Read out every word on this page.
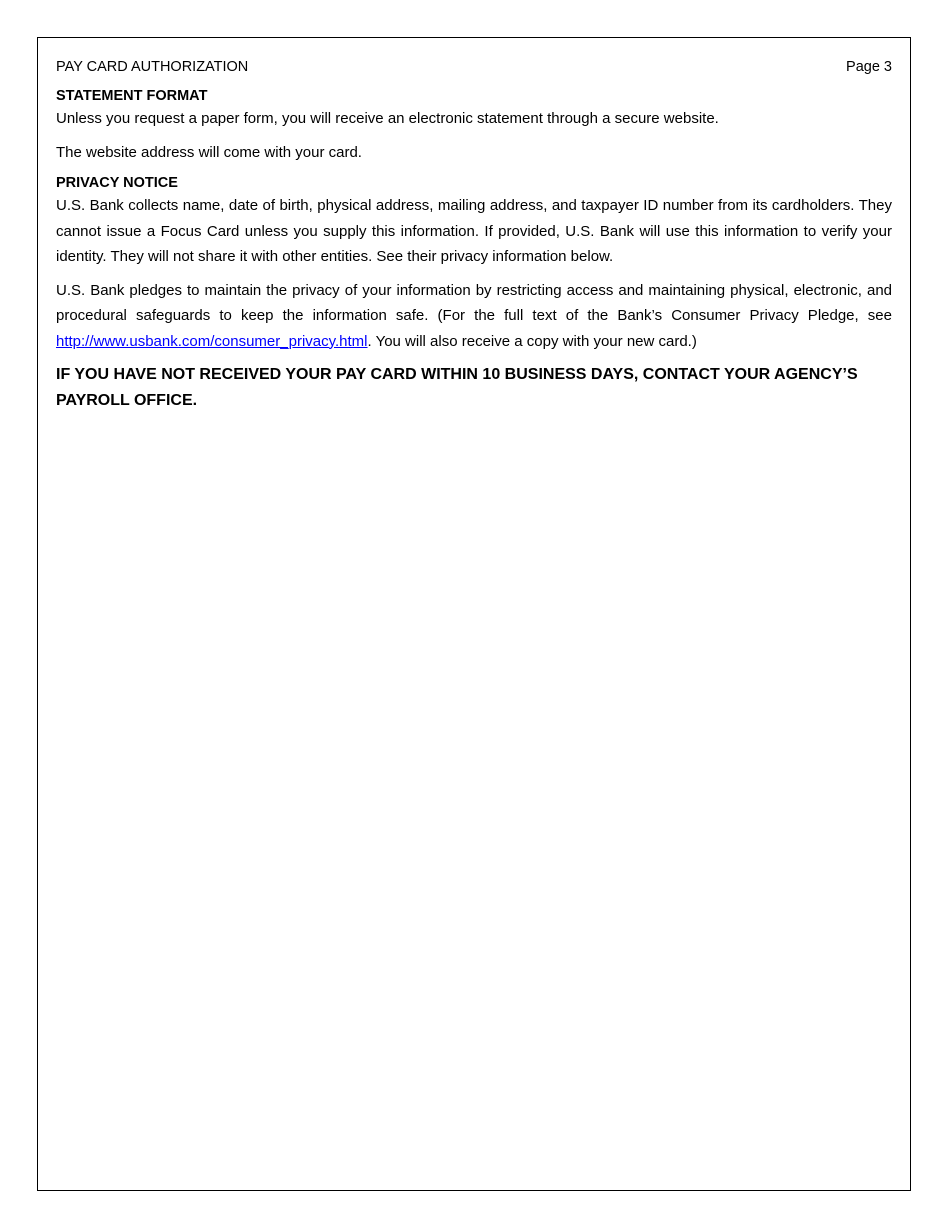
PAY CARD AUTHORIZATION	Page 3
STATEMENT FORMAT

Unless you request a paper form, you will receive an electronic statement through a secure website.

The website address will come with your card.

PRIVACY NOTICE

U.S. Bank collects name, date of birth, physical address, mailing address, and taxpayer ID number from its cardholders. They cannot issue a Focus Card unless you supply this information. If provided, U.S. Bank will use this information to verify your identity. They will not share it with other entities. See their privacy information below.

U.S. Bank pledges to maintain the privacy of your information by restricting access and maintaining physical, electronic, and procedural safeguards to keep the information safe. (For the full text of the Bank’s Consumer Privacy Pledge, see http://www.usbank.com/consumer_privacy.html. You will also receive a copy with your new card.)

IF YOU HAVE NOT RECEIVED YOUR PAY CARD WITHIN 10 BUSINESS DAYS, CONTACT YOUR AGENCY’S PAYROLL OFFICE.
